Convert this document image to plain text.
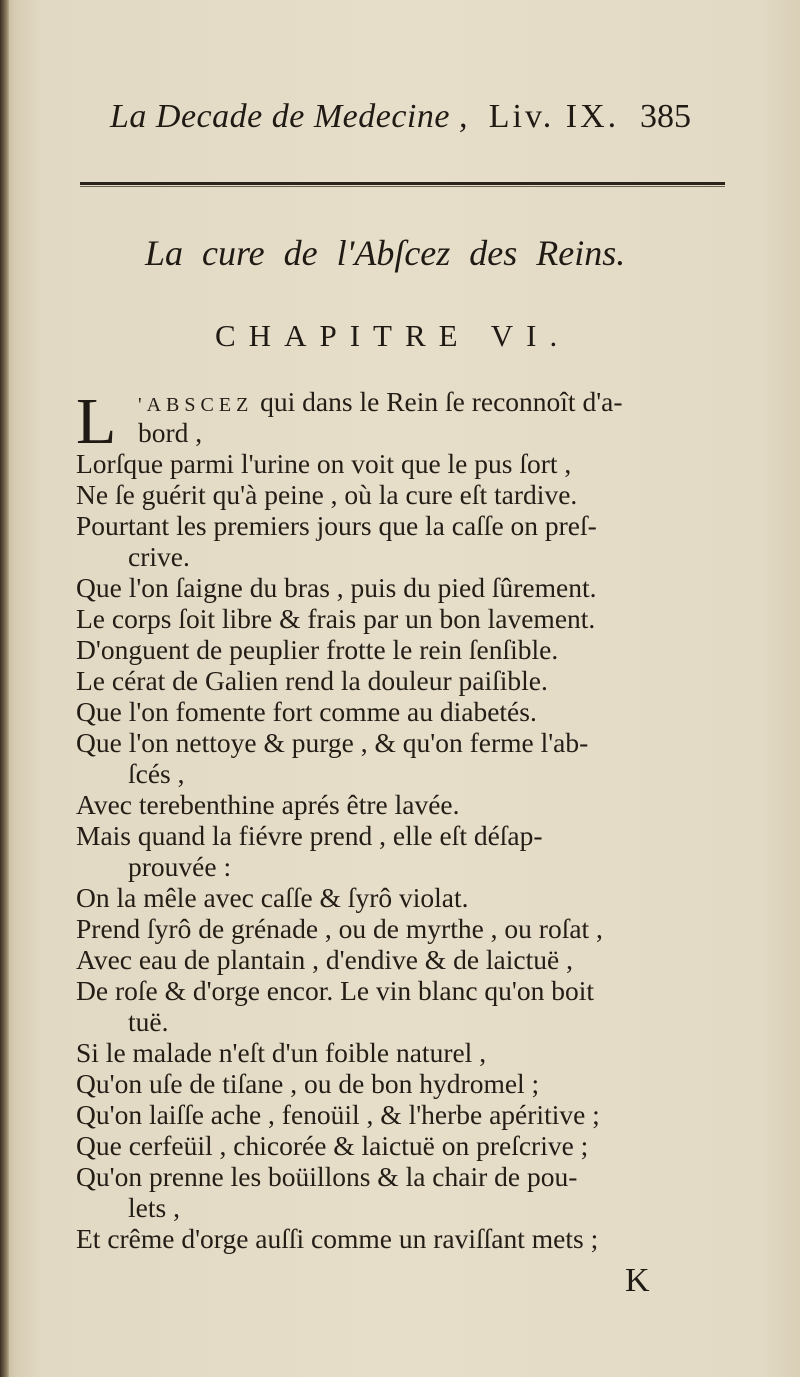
La Decade de Medecine , Liv. IX. 385
La cure de l'Abſcez des Reins.
CHAPITRE VI.
L	'ABSCEZ qui dans le Rein ſe reconnoît d'a-
bord ,
Lorſque parmi l'urine on voit que le pus ſort ,
Ne ſe guérit qu'à peine , où la cure eſt tardive.
Pourtant les premiers jours que la caſſe on preſ-
crive.
Que l'on ſaigne du bras , puis du pied ſûrement.
Le corps ſoit libre & frais par un bon lavement.
D'onguent de peuplier frotte le rein ſenſible.
Le cérat de Galien rend la douleur paiſible.
Que l'on fomente fort comme au diabetés.
Que l'on nettoye & purge , & qu'on ferme l'ab-
ſcés ,
Avec terebenthine aprés être lavée.
Mais quand la fiévre prend , elle eſt déſap-
prouvée :
On la mêle avec caſſe & ſyrô violat.
Prend ſyrô de grénade , ou de myrthe , ou roſat ,
Avec eau de plantain , d'endive & de laictuë ,
De roſe & d'orge encor. Le vin blanc qu'on boit
tuë.
Si le malade n'eſt d'un foible naturel ,
Qu'on uſe de tiſane , ou de bon hydromel ;
Qu'on laiſſe ache , fenoüil , & l'herbe apéritive ;
Que cerfeüil , chicorée & laictuë on preſcrive ;
Qu'on prenne les boüillons & la chair de pou-
lets ,
Et crême d'orge auſſi comme un raviſſant mets ;
K
